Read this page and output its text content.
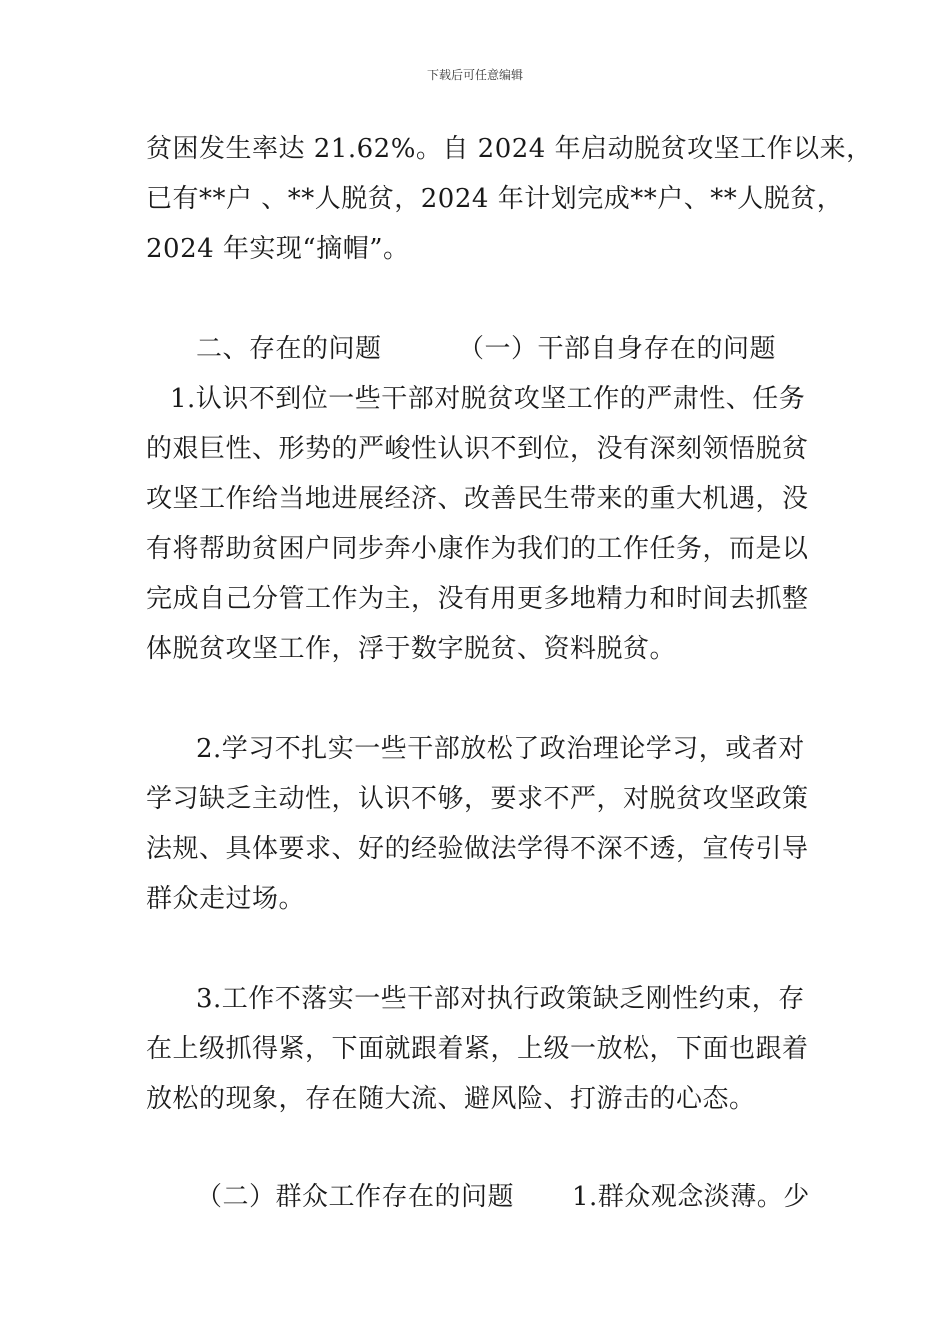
下载后可任意编辑
贫困发生率达 21.62%。自 2024 年启动脱贫攻坚工作以来，
已有**户 、**人脱贫，2024 年计划完成**户、**人脱贫，
2024 年实现“摘帽”。
二、存在的问题	（一）干部自身存在的问题
1.认识不到位一些干部对脱贫攻坚工作的严肃性、任务
的艰巨性、形势的严峻性认识不到位，没有深刻领悟脱贫
攻坚工作给当地进展经济、改善民生带来的重大机遇，没
有将帮助贫困户同步奔小康作为我们的工作任务，而是以
完成自己分管工作为主，没有用更多地精力和时间去抓整
体脱贫攻坚工作，浮于数字脱贫、资料脱贫。
2.学习不扎实一些干部放松了政治理论学习，或者对
学习缺乏主动性，认识不够，要求不严，对脱贫攻坚政策
法规、具体要求、好的经验做法学得不深不透，宣传引导
群众走过场。
3.工作不落实一些干部对执行政策缺乏刚性约束，存
在上级抓得紧，下面就跟着紧，上级一放松，下面也跟着
放松的现象，存在随大流、避风险、打游击的心态。
（二）群众工作存在的问题 1.群众观念淡薄。少
